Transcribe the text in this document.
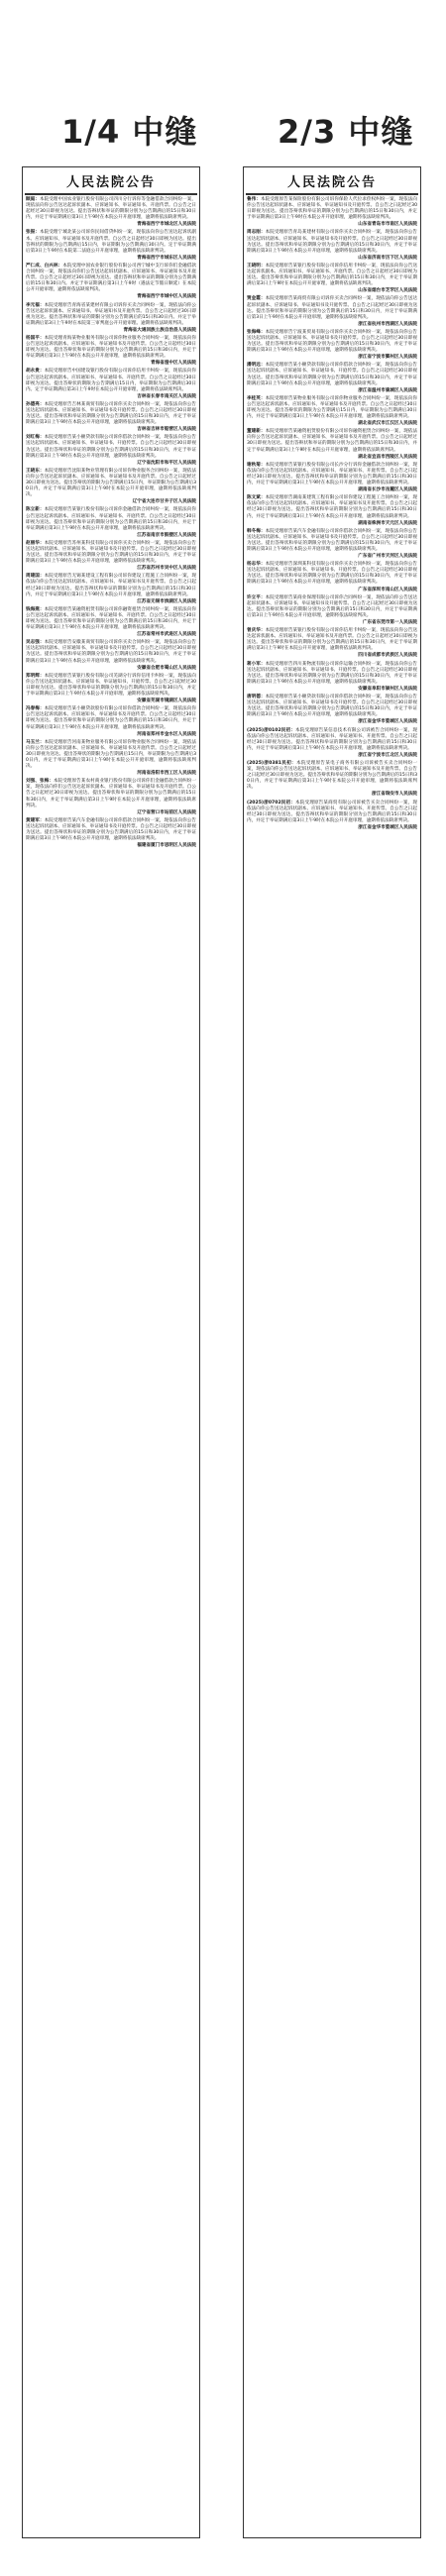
1/4 中缝	2/3 中缝
人民法院公告
顾庭：本院受理中国农业银行股份有限公司四川分行诉你等金融借款合同纠纷一案，现依法向你公告送达起诉状副本、应诉通知书、举证通知书、开庭传票。自公告之日起经过30日即视为送达。提出答辩状和举证的期限分别为公告期满后的15日和30日内，并定于举证期满后第3日上午9时在本院公开开庭审理，逾期将依法缺席判决。
青海省西宁市城北区人民法院
张振：本院受理宁城北某公司诉你民间借贷纠纷一案，现依法向你公告送达起诉状副本、应诉通知书、举证通知书及开庭传票。自公告之日起经过30日即视为送达。提出答辩状的期限为公告期满后15日内，举证期限为公告期满后30日内。定于举证期满后第3日上午9时在本院第二法庭公开开庭审理，逾期将依法缺席判决。
青海省西宁市城东区人民法院
严仁成、白兴林：本院受理中国农业银行股份有限公司西宁城中支行诉你们金融借款合同纠纷一案，现依法向你们公告送达起诉状副本、应诉通知书、举证通知书及开庭传票。自公告之日起经过30日即视为送达。提出答辩状和举证的期限分别为公告期满后的15日和30日内。并定于举证期满后第3日上午9时（遇法定节假日顺延）在本院公开开庭审理，逾期将依法缺席判决。
青海省西宁市城中区人民法院
李元福：本院受理原告青海省某建材有限公司诉你买卖合同纠纷一案，现依法向你公告送达起诉状副本、应诉通知书、举证通知书及开庭传票。自公告之日起经过30日即视为送达。提出答辩状和举证的期限分别为公告期满后的15日和30日内。并定于举证期满后第3日上午9时在本院第三审判庭公开开庭审理。逾期将依法缺席判决。
青海省大通回族土族自治县人民法院
杨国平：本院受理青海某物业服务有限公司诉你物业服务合同纠纷一案，现依法向你公告送达起诉状副本、应诉通知书、举证通知书及开庭传票。自公告之日起经过30日即视为送达。提出答辩状和举证的期限分别为公告期满后的15日和30日内，并定于举证期满后第3日上午9时在本院公开开庭审理，逾期将依法缺席判决。
青海省湟中区人民法院
胡永贵：本院受理原告中国建设银行股份有限公司诉你信用卡纠纷一案，现依法向你公告送达起诉状副本、应诉通知书、举证通知书、开庭传票。自公告之日起经过30日即视为送达。提出答辩状的期限为公告期满后15日内，举证期限为公告期满后30日内。定于举证期满后第3日上午9时在本院公开开庭审理，逾期将依法缺席判决。
吉林省长春市南关区人民法院
孙德亮：本院受理原告吉林某商贸有限公司诉你买卖合同纠纷一案，现依法向你公告送达起诉状副本、应诉通知书、举证通知书及开庭传票。自公告之日起经过30日即视为送达。提出答辩状和举证的期限分别为公告期满后的15日和30日内，并定于举证期满后第3日上午9时在本院公开开庭审理，逾期将依法缺席判决。
吉林省吉林市船营区人民法院
刘红梅：本院受理原告某小额贷款有限公司诉你借款合同纠纷一案，现依法向你公告送达起诉状副本、应诉通知书、举证通知书、开庭传票。自公告之日起经过30日即视为送达。提出答辩状和举证的期限分别为公告期满后的15日和30日内，并定于举证期满后第3日上午9时在本院公开开庭审理，逾期将依法缺席判决。
辽宁省沈阳市和平区人民法院
王晓东：本院受理原告沈阳某物业管理有限公司诉你物业服务合同纠纷一案，现依法向你公告送达起诉状副本、应诉通知书、举证通知书及开庭传票。自公告之日起经过30日即视为送达。提出答辩状的期限为公告期满后15日内，举证期限为公告期满后30日内，并定于举证期满后第3日上午9时在本院公开开庭审理，逾期将依法缺席判决。
辽宁省大连市甘井子区人民法院
陈立新：本院受理原告某银行股份有限公司诉你金融借款合同纠纷一案，现依法向你公告送达起诉状副本、应诉通知书、举证通知书、开庭传票。自公告之日起经过30日即视为送达。提出答辩状和举证的期限分别为公告期满后的15日和30日内，并定于举证期满后第3日上午9时在本院公开开庭审理，逾期将依法缺席判决。
江苏省南京市鼓楼区人民法院
赵丽华：本院受理原告苏州某科技有限公司诉你买卖合同纠纷一案，现依法向你公告送达起诉状副本、应诉通知书、举证通知书及开庭传票。自公告之日起经过30日即视为送达。提出答辩状和举证的期限分别为公告期满后的15日和30日内，并定于举证期满后第3日上午9时在本院公开开庭审理，逾期将依法缺席判决。
江苏省苏州市吴中区人民法院
周建国：本院受理原告无锡某建设工程有限公司诉你建设工程施工合同纠纷一案，现依法向你公告送达起诉状副本、应诉通知书、举证通知书及开庭传票。自公告之日起经过30日即视为送达。提出答辩状和举证的期限分别为公告期满后的15日和30日内，并定于举证期满后第3日上午9时在本院公开开庭审理，逾期将依法缺席判决。
江苏省无锡市滨湖区人民法院
钱海燕：本院受理原告某融资租赁有限公司诉你融资租赁合同纠纷一案，现依法向你公告送达起诉状副本、应诉通知书、举证通知书、开庭传票。自公告之日起经过30日即视为送达。提出答辩状和举证的期限分别为公告期满后的15日和30日内，并定于举证期满后第3日上午9时在本院公开开庭审理，逾期将依法缺席判决。
江苏省常州市武进区人民法院
吴志强：本院受理原告安徽某商贸有限公司诉你买卖合同纠纷一案，现依法向你公告送达起诉状副本、应诉通知书、举证通知书及开庭传票。自公告之日起经过30日即视为送达。提出答辩状和举证的期限分别为公告期满后的15日和30日内，并定于举证期满后第3日上午9时在本院公开开庭审理，逾期将依法缺席判决。
安徽省合肥市蜀山区人民法院
郑明辉：本院受理原告某银行股份有限公司芜湖分行诉你信用卡纠纷一案，现依法向你公告送达起诉状副本、应诉通知书、举证通知书、开庭传票。自公告之日起经过30日即视为送达。提出答辩状和举证的期限分别为公告期满后的15日和30日内，并定于举证期满后第3日上午9时在本院公开开庭审理，逾期将依法缺席判决。
安徽省芜湖市镜湖区人民法院
冯春梅：本院受理原告某小额贷款股份有限公司诉你借款合同纠纷一案，现依法向你公告送达起诉状副本、应诉通知书、举证通知书及开庭传票。自公告之日起经过30日即视为送达。提出答辩状和举证的期限分别为公告期满后的15日和30日内，并定于举证期满后第3日上午9时在本院公开开庭审理，逾期将依法缺席判决。
河南省郑州市金水区人民法院
马玉兰：本院受理原告河南某物业服务有限公司诉你物业服务合同纠纷一案，现依法向你公告送达起诉状副本、应诉通知书、举证通知书及开庭传票。自公告之日起经过30日即视为送达。提出答辩状的期限为公告期满后15日内，举证期限为公告期满后30日内，并定于举证期满后第3日上午9时在本院公开开庭审理，逾期将依法缺席判决。
河南省洛阳市西工区人民法院
刘强、张梅：本院受理原告某农村商业银行股份有限公司诉你们金融借款合同纠纷一案，现依法向你们公告送达起诉状副本、应诉通知书、举证通知书及开庭传票。自公告之日起经过30日即视为送达。提出答辩状和举证的期限分别为公告期满后的15日和30日内，并定于举证期满后第3日上午9时在本院公开开庭审理，逾期将依法缺席判决。
辽宁省营口市站前区人民法院
黄建军：本院受理原告某汽车金融有限公司诉你借款合同纠纷一案，现依法向你公告送达起诉状副本、应诉通知书、举证通知书及开庭传票。自公告之日起经过30日即视为送达。提出答辩状和举证的期限分别为公告期满后的15日和30日内，并定于举证期满后第3日上午9时在本院公开开庭审理，逾期将依法缺席判决。
福建省厦门市思明区人民法院
人民法院公告
鲁伟：本院受理原告某保险股份有限公司诉你保险人代位求偿权纠纷一案，现依法向你公告送达起诉状副本、应诉通知书、举证通知书及开庭传票。自公告之日起经过30日即视为送达。提出答辩状和举证的期限分别为公告期满后的15日和30日内，并定于举证期满后第3日上午9时在本院公开开庭审理，逾期将依法缺席判决。
山东省青岛市市南区人民法院
周志刚：本院受理原告青岛某建材有限公司诉你买卖合同纠纷一案，现依法向你公告送达起诉状副本、应诉通知书、举证通知书及开庭传票。自公告之日起经过30日即视为送达。提出答辩状和举证的期限分别为公告期满后的15日和30日内，并定于举证期满后第3日上午9时在本院公开开庭审理，逾期将依法缺席判决。
山东省济南市历下区人民法院
王晓明：本院受理原告某银行股份有限公司诉你信用卡纠纷一案，现依法向你公告送达起诉状副本、应诉通知书、举证通知书、开庭传票。自公告之日起经过30日即视为送达。提出答辩状和举证的期限分别为公告期满后的15日和30日内，并定于举证期满后第3日上午9时在本院公开开庭审理，逾期将依法缺席判决。
山东省烟台市芝罘区人民法院
贾金霞：本院受理原告某商贸有限公司诉你买卖合同纠纷一案，现依法向你公告送达起诉状副本、应诉通知书、举证通知书及开庭传票。自公告之日起经过30日即视为送达。提出答辩状和举证的期限分别为公告期满后的15日和30日内，并定于举证期满后第3日上午9时在本院公开开庭审理，逾期将依法缺席判决。
浙江省杭州市西湖区人民法院
张海峰：本院受理原告宁波某贸易有限公司诉你买卖合同纠纷一案，现依法向你公告送达起诉状副本、应诉通知书、举证通知书及开庭传票。自公告之日起经过30日即视为送达。提出答辩状和举证的期限分别为公告期满后的15日和30日内，并定于举证期满后第3日上午9时在本院公开开庭审理，逾期将依法缺席判决。
浙江省宁波市鄞州区人民法院
潘明远：本院受理原告某小额贷款有限公司诉你借款合同纠纷一案，现依法向你公告送达起诉状副本、应诉通知书、举证通知书、开庭传票。自公告之日起经过30日即视为送达。提出答辩状和举证的期限分别为公告期满后的15日和30日内，并定于举证期满后第3日上午9时在本院公开开庭审理，逾期将依法缺席判决。
浙江省温州市鹿城区人民法院
李桂英：本院受理原告某物业服务有限公司诉你物业服务合同纠纷一案，现依法向你公告送达起诉状副本、应诉通知书、举证通知书及开庭传票。自公告之日起经过30日即视为送达。提出答辩状的期限为公告期满后15日内，举证期限为公告期满后30日内，并定于举证期满后第3日上午9时在本院公开开庭审理，逾期将依法缺席判决。
湖北省武汉市江汉区人民法院
董建新：本院受理原告某融资租赁股份有限公司诉你融资租赁合同纠纷一案，现依法向你公告送达起诉状副本、应诉通知书、举证通知书及开庭传票。自公告之日起经过30日即视为送达。提出答辩状和举证的期限分别为公告期满后的15日和30日内，并定于举证期满后第3日上午9时在本院公开开庭审理，逾期将依法缺席判决。
湖北省宜昌市西陵区人民法院
谢秋菊：本院受理原告某银行股份有限公司长沙分行诉你金融借款合同纠纷一案，现依法向你公告送达起诉状副本、应诉通知书、举证通知书、开庭传票。自公告之日起经过30日即视为送达。提出答辩状和举证的期限分别为公告期满后的15日和30日内，并定于举证期满后第3日上午9时在本院公开开庭审理，逾期将依法缺席判决。
湖南省长沙市岳麓区人民法院
陈文斌：本院受理原告湖南某建筑工程有限公司诉你建设工程施工合同纠纷一案，现依法向你公告送达起诉状副本、应诉通知书、举证通知书及开庭传票。自公告之日起经过30日即视为送达。提出答辩状和举证的期限分别为公告期满后的15日和30日内，并定于举证期满后第3日上午9时在本院公开开庭审理，逾期将依法缺席判决。
湖南省株洲市天元区人民法院
韩冬梅：本院受理原告某汽车金融有限公司诉你借款合同纠纷一案，现依法向你公告送达起诉状副本、应诉通知书、举证通知书及开庭传票。自公告之日起经过30日即视为送达。提出答辩状和举证的期限分别为公告期满后的15日和30日内，并定于举证期满后第3日上午9时在本院公开开庭审理，逾期将依法缺席判决。
广东省广州市天河区人民法院
杨志华：本院受理原告深圳某科技有限公司诉你买卖合同纠纷一案，现依法向你公告送达起诉状副本、应诉通知书、举证通知书、开庭传票。自公告之日起经过30日即视为送达。提出答辩状和举证的期限分别为公告期满后的15日和30日内，并定于举证期满后第3日上午9时在本院公开开庭审理，逾期将依法缺席判决。
广东省深圳市南山区人民法院
许立平：本院受理原告某商业保理有限公司诉你合同纠纷一案，现依法向你公告送达起诉状副本、应诉通知书、举证通知书及开庭传票。自公告之日起经过30日即视为送达。提出答辩状和举证的期限分别为公告期满后的15日和30日内，并定于举证期满后第3日上午9时在本院公开开庭审理，逾期将依法缺席判决。
广东省东莞市第一人民法院
曾庆华：本院受理原告某银行股份有限公司诉你信用卡纠纷一案，现依法向你公告送达起诉状副本、应诉通知书、举证通知书及开庭传票。自公告之日起经过30日即视为送达。提出答辩状和举证的期限分别为公告期满后的15日和30日内，并定于举证期满后第3日上午9时在本院公开开庭审理，逾期将依法缺席判决。
四川省成都市武侯区人民法院
蒋小军：本院受理原告四川某物流有限公司诉你运输合同纠纷一案，现依法向你公告送达起诉状副本、应诉通知书、举证通知书、开庭传票。自公告之日起经过30日即视为送达。提出答辩状和举证的期限分别为公告期满后的15日和30日内，并定于举证期满后第3日上午9时在本院公开开庭审理，逾期将依法缺席判决。
安徽省阜阳市颍州区人民法院
唐明德：本院受理原告某小额贷款有限公司诉你借款合同纠纷一案，现依法向你公告送达起诉状副本、应诉通知书、举证通知书及开庭传票。自公告之日起经过30日即视为送达。提出答辩状和举证的期限分别为公告期满后的15日和30日内，并定于举证期满后第3日上午9时在本院公开开庭审理，逾期将依法缺席判决。
浙江省金华市婺城区人民法院
(2025)浙0102民初：本院受理原告某信息技术有限公司诉被告合同纠纷一案，现依法向你公告送达起诉状副本、应诉通知书、举证通知书、开庭传票。自公告之日起经过30日即视为送达。提出答辩状和举证的期限分别为公告期满后的15日和30日内，并定于举证期满后第3日上午9时在本院公开开庭审理，逾期将依法缺席判决。
浙江省宁波市江北区人民法院
(2025)浙0381民初：本院受理原告某电子商务有限公司诉被告买卖合同纠纷一案，现依法向你公告送达起诉状副本、应诉通知书、举证通知书及开庭传票。自公告之日起经过30日即视为送达。提出答辩状和举证的期限分别为公告期满后的15日和30日内，并定于举证期满后第3日上午9时在本院公开开庭审理，逾期将依法缺席判决。
浙江省瑞安市人民法院
(2025)浙0702民初：本院受理原告某商贸有限公司诉被告买卖合同纠纷一案，现依法向你公告送达起诉状副本、应诉通知书、举证通知书、开庭传票。自公告之日起经过30日即视为送达。提出答辩状和举证的期限分别为公告期满后的15日和30日内，并定于举证期满后第3日上午9时在本院公开开庭审理，逾期将依法缺席判决。
浙江省金华市婺城区人民法院
